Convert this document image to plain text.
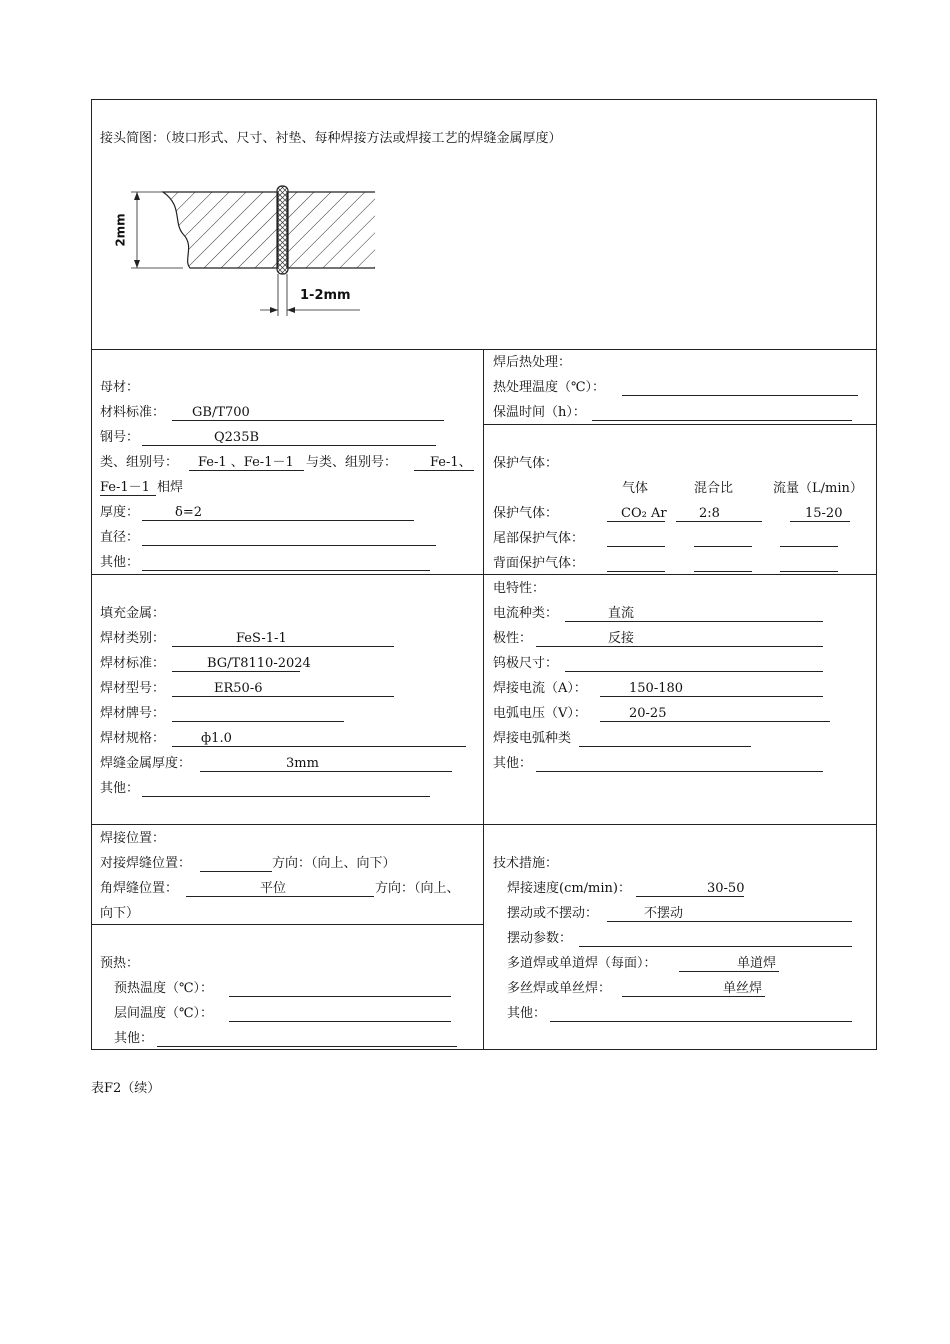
接头简图：（坡口形式、尺寸、衬垫、每种焊接方法或焊接工艺的焊缝金属厚度）
2mm
1-2mm
母材：
材料标准： GB/T700
钢号：	Q235B
类、组别号： Fe-1 、Fe-1－1 与类、组别号：	Fe-1、
Fe-1－1 相焊
厚度：	δ=2
直径：
其他：
焊后热处理：
热处理温度（℃）：
保温时间（h）：
保护气体：
气体	混合比	流量（L/min）
保护气体：	CO₂ Ar 2:8	15-20
尾部保护气体：
背面保护气体：
填充金属：
焊材类别：	FeS-1-1
焊材标准：	BG/T8110-2024
焊材型号：	ER50-6
焊材牌号：
焊材规格：	ф1.0
焊缝金属厚度：	3mm
其他：
电特性：
电流种类：	直流
极性：	反接
钨极尺寸：
焊接电流（A）：	150-180
电弧电压（V）：	20-25
焊接电弧种类
其他：
焊接位置：
对接焊缝位置：	方向：（向上、向下）
角焊缝位置：	平位	方向：（向上、
向下）
预热：
预热温度（℃）：
层间温度（℃）：
其他：
技术措施：
焊接速度(cm/min)：	30-50
摆动或不摆动：	不摆动
摆动参数：
多道焊或单道焊（每面）：	单道焊
多丝焊或单丝焊：	单丝焊
其他：
表F2（续）
